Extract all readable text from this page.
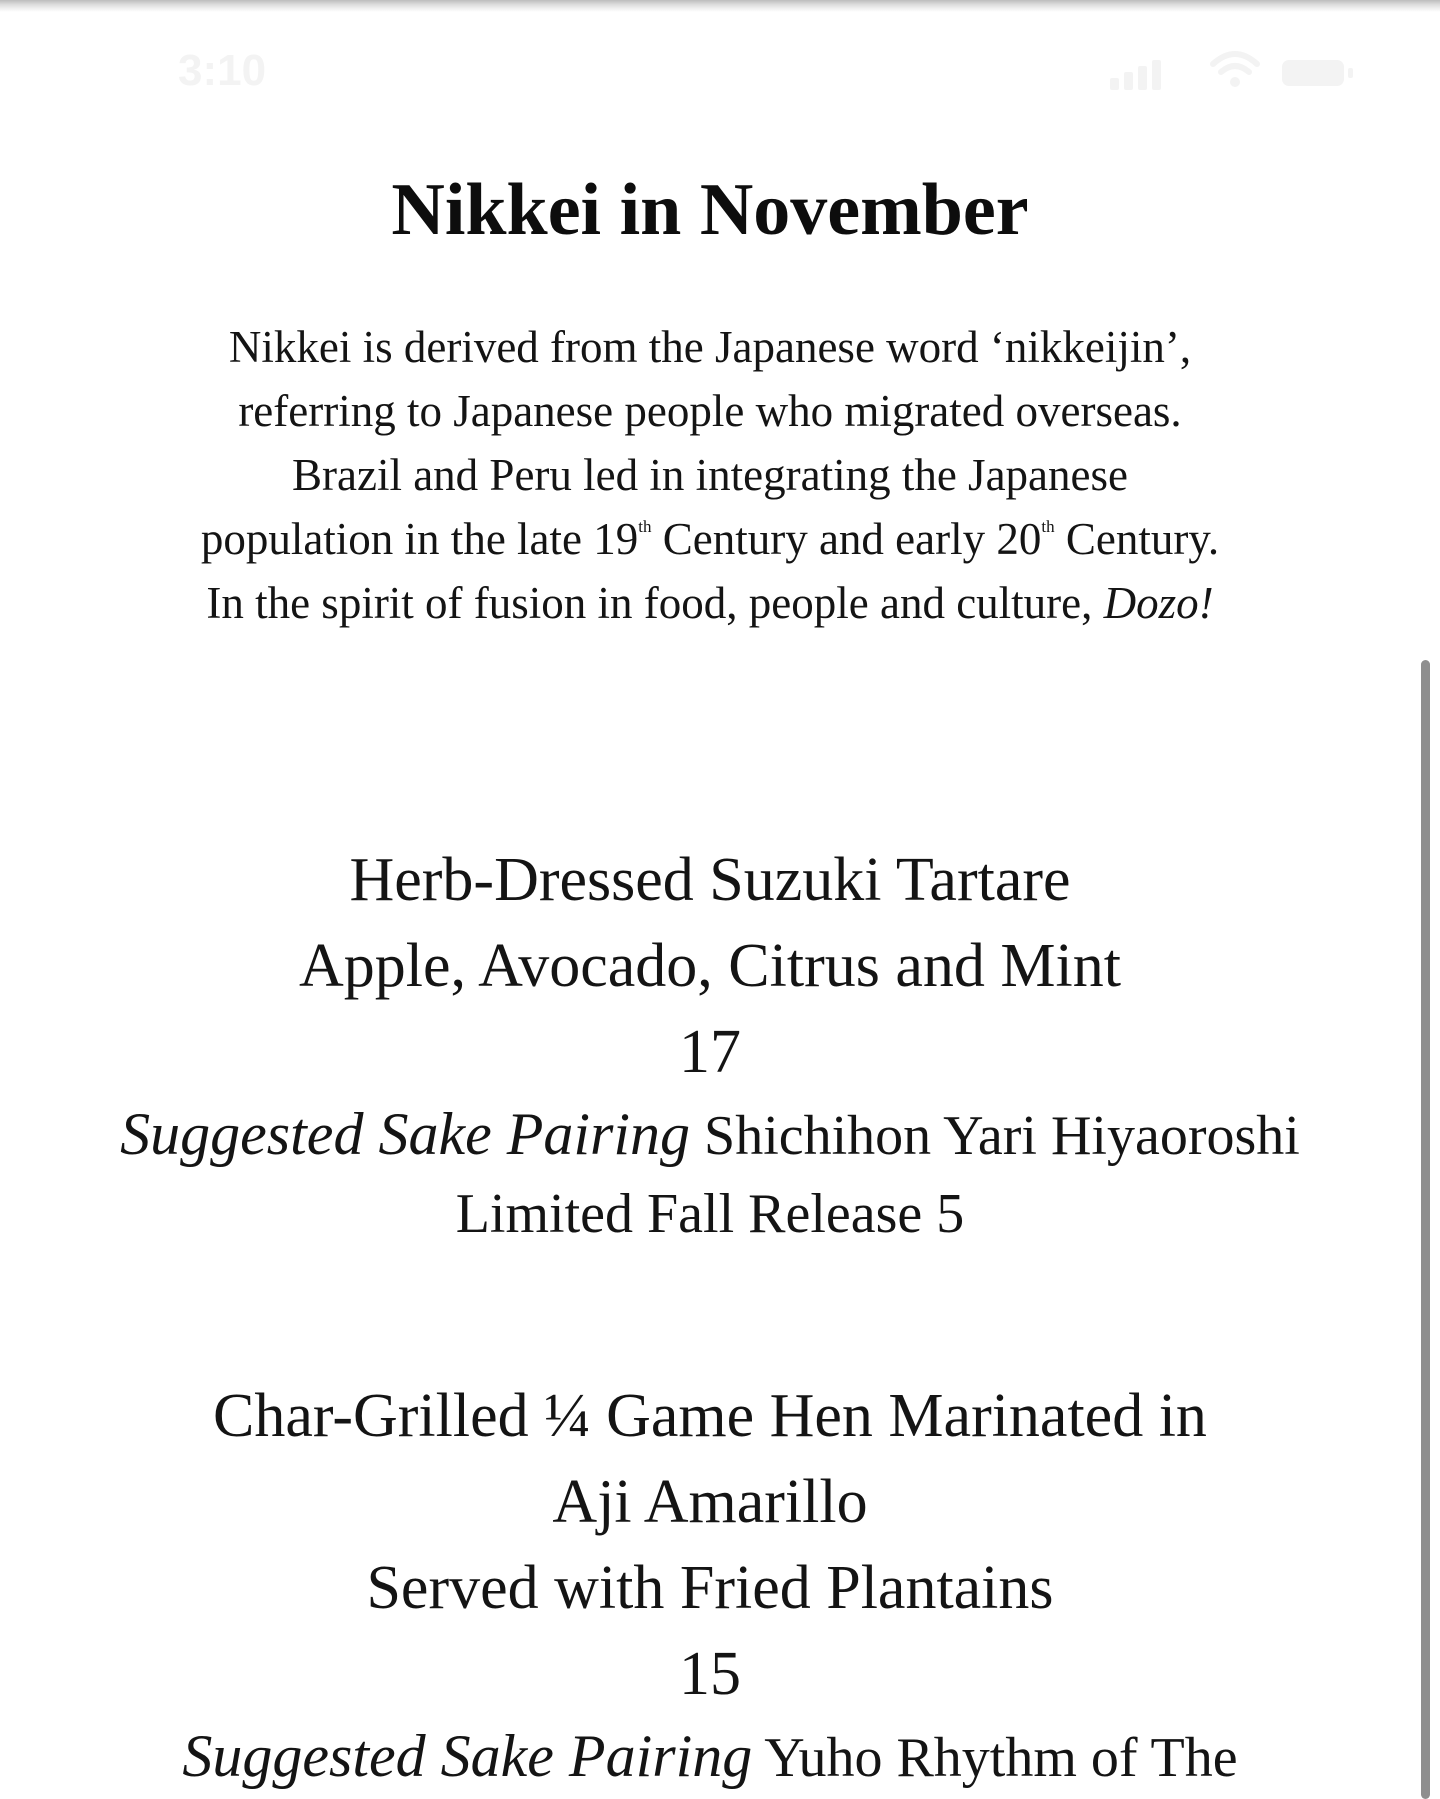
3:10
Nikkei in November
Nikkei is derived from the Japanese word ‘nikkeijin’,
referring to Japanese people who migrated overseas.
Brazil and Peru led in integrating the Japanese
population in the late 19th Century and early 20th Century.
In the spirit of fusion in food, people and culture, Dozo!
Herb-Dressed Suzuki Tartare
Apple, Avocado, Citrus and Mint
17
Suggested Sake Pairing Shichihon Yari Hiyaoroshi
Limited Fall Release 5
Char-Grilled ¼ Game Hen Marinated in
Aji Amarillo
Served with Fried Plantains
15
Suggested Sake Pairing Yuho Rhythm of The
